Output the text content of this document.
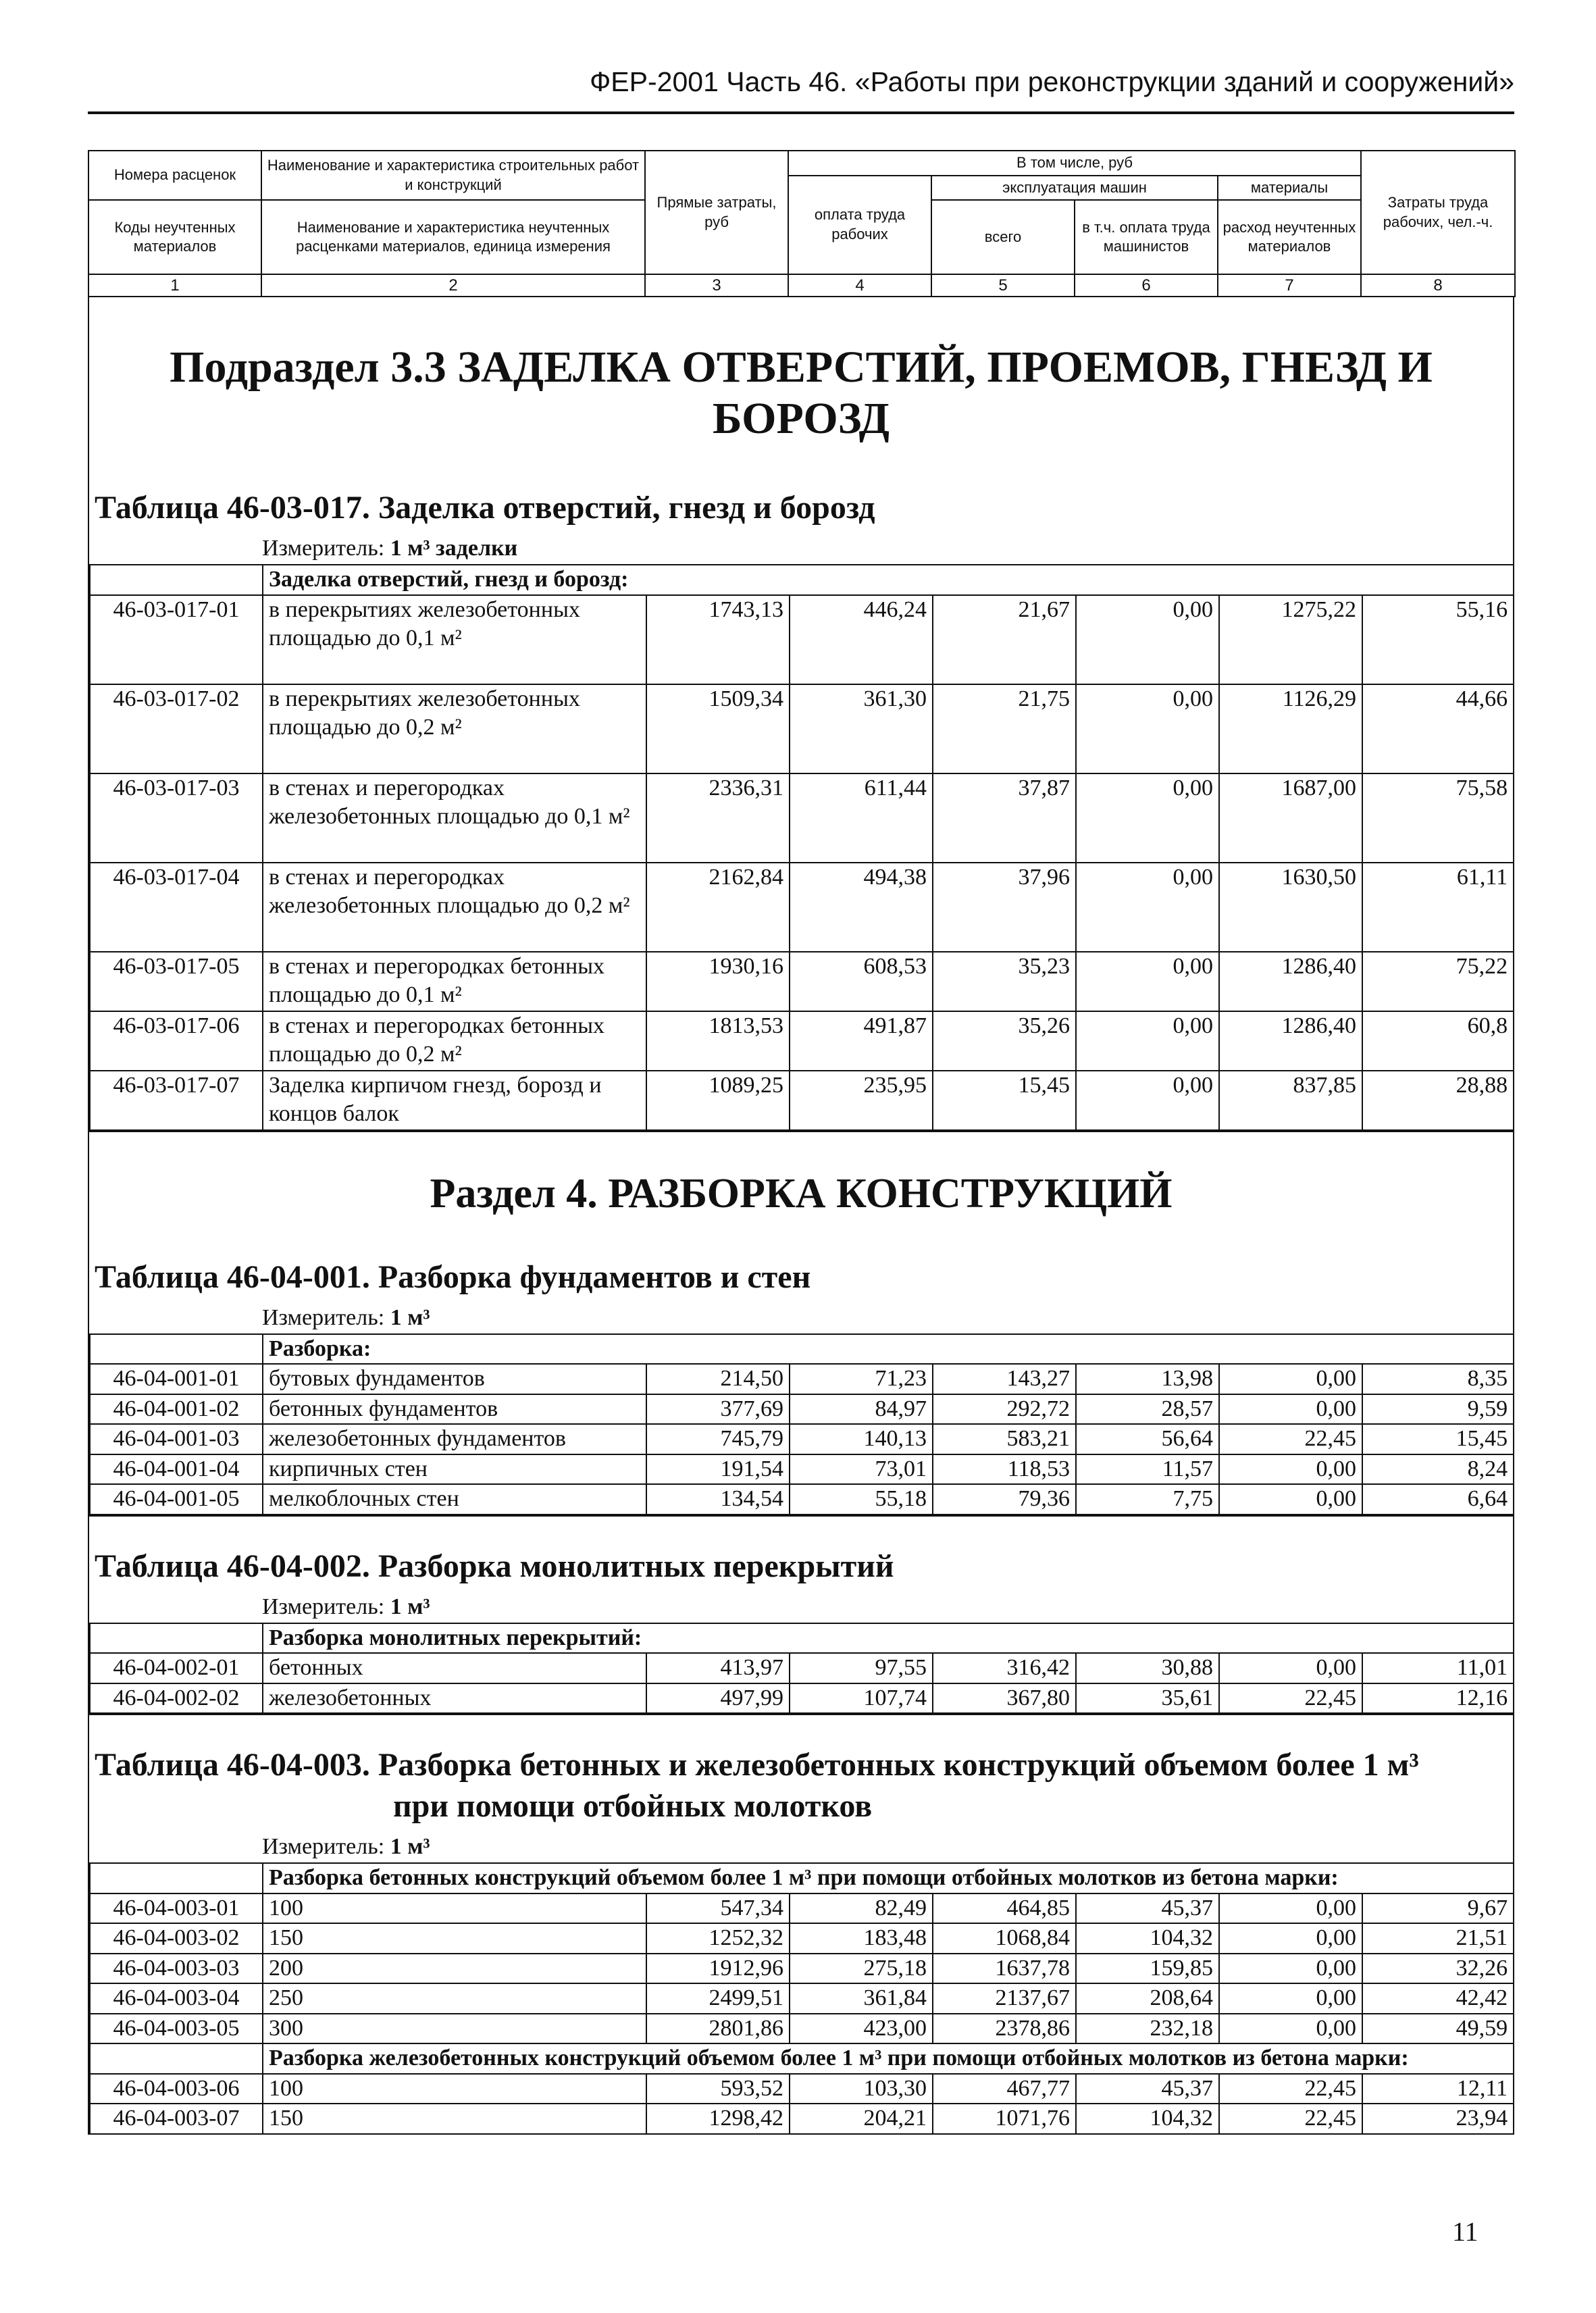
ФЕР-2001 Часть 46. «Работы при реконструкции зданий и сооружений»
Номера расценок	Наименование и характеристика строительных работ и конструкций	Прямые затраты, руб	В том числе, руб				Затраты труда рабочих, чел.-ч.
			оплата труда рабочих	эксплуатация машин		материалы	
Коды неучтенных материалов	Наименование и характеристика неучтенных расценками материалов, единица измерения			всего	в т.ч. оплата труда машинистов	расход неучтенных материалов	

1	2	3	4	5	6	7	8
Подраздел 3.3 ЗАДЕЛКА ОТВЕРСТИЙ, ПРОЕМОВ, ГНЕЗД И БОРОЗД
Таблица 46-03-017. Заделка отверстий, гнезд и борозд
Измеритель: 1 м³ заделки
	Заделка отверстий, гнезд и борозд:						
46-03-017-01	в перекрытиях железобетонных площадью до 0,1 м²	1743,13	446,24	21,67	0,00	1275,22	55,16
46-03-017-02	в перекрытиях железобетонных площадью до 0,2 м²	1509,34	361,30	21,75	0,00	1126,29	44,66
46-03-017-03	в стенах и перегородках железобетонных площадью до 0,1 м²	2336,31	611,44	37,87	0,00	1687,00	75,58
46-03-017-04	в стенах и перегородках железобетонных площадью до 0,2 м²	2162,84	494,38	37,96	0,00	1630,50	61,11
46-03-017-05	в стенах и перегородках бетонных площадью до 0,1 м²	1930,16	608,53	35,23	0,00	1286,40	75,22
46-03-017-06	в стенах и перегородках бетонных площадью до 0,2 м²	1813,53	491,87	35,26	0,00	1286,40	60,8
46-03-017-07	Заделка кирпичом гнезд, борозд и концов балок	1089,25	235,95	15,45	0,00	837,85	28,88
Раздел 4. РАЗБОРКА КОНСТРУКЦИЙ
Таблица 46-04-001. Разборка фундаментов и стен
Измеритель: 1 м³
	Разборка:						
46-04-001-01	бутовых фундаментов	214,50	71,23	143,27	13,98	0,00	8,35
46-04-001-02	бетонных фундаментов	377,69	84,97	292,72	28,57	0,00	9,59
46-04-001-03	железобетонных фундаментов	745,79	140,13	583,21	56,64	22,45	15,45
46-04-001-04	кирпичных стен	191,54	73,01	118,53	11,57	0,00	8,24
46-04-001-05	мелкоблочных стен	134,54	55,18	79,36	7,75	0,00	6,64
Таблица 46-04-002. Разборка монолитных перекрытий
Измеритель: 1 м³
	Разборка монолитных перекрытий:						
46-04-002-01	бетонных	413,97	97,55	316,42	30,88	0,00	11,01
46-04-002-02	железобетонных	497,99	107,74	367,80	35,61	22,45	12,16
Таблица 46-04-003. Разборка бетонных и железобетонных конструкций объемом более 1 м³
при помощи отбойных молотков
Измеритель: 1 м³
	Разборка бетонных конструкций объемом более 1 м³ при помощи отбойных молотков из бетона марки:						
46-04-003-01	100	547,34	82,49	464,85	45,37	0,00	9,67
46-04-003-02	150	1252,32	183,48	1068,84	104,32	0,00	21,51
46-04-003-03	200	1912,96	275,18	1637,78	159,85	0,00	32,26
46-04-003-04	250	2499,51	361,84	2137,67	208,64	0,00	42,42
46-04-003-05	300	2801,86	423,00	2378,86	232,18	0,00	49,59
	Разборка железобетонных конструкций объемом более 1 м³ при помощи отбойных молотков из бетона марки:						
46-04-003-06	100	593,52	103,30	467,77	45,37	22,45	12,11
46-04-003-07	150	1298,42	204,21	1071,76	104,32	22,45	23,94
11
